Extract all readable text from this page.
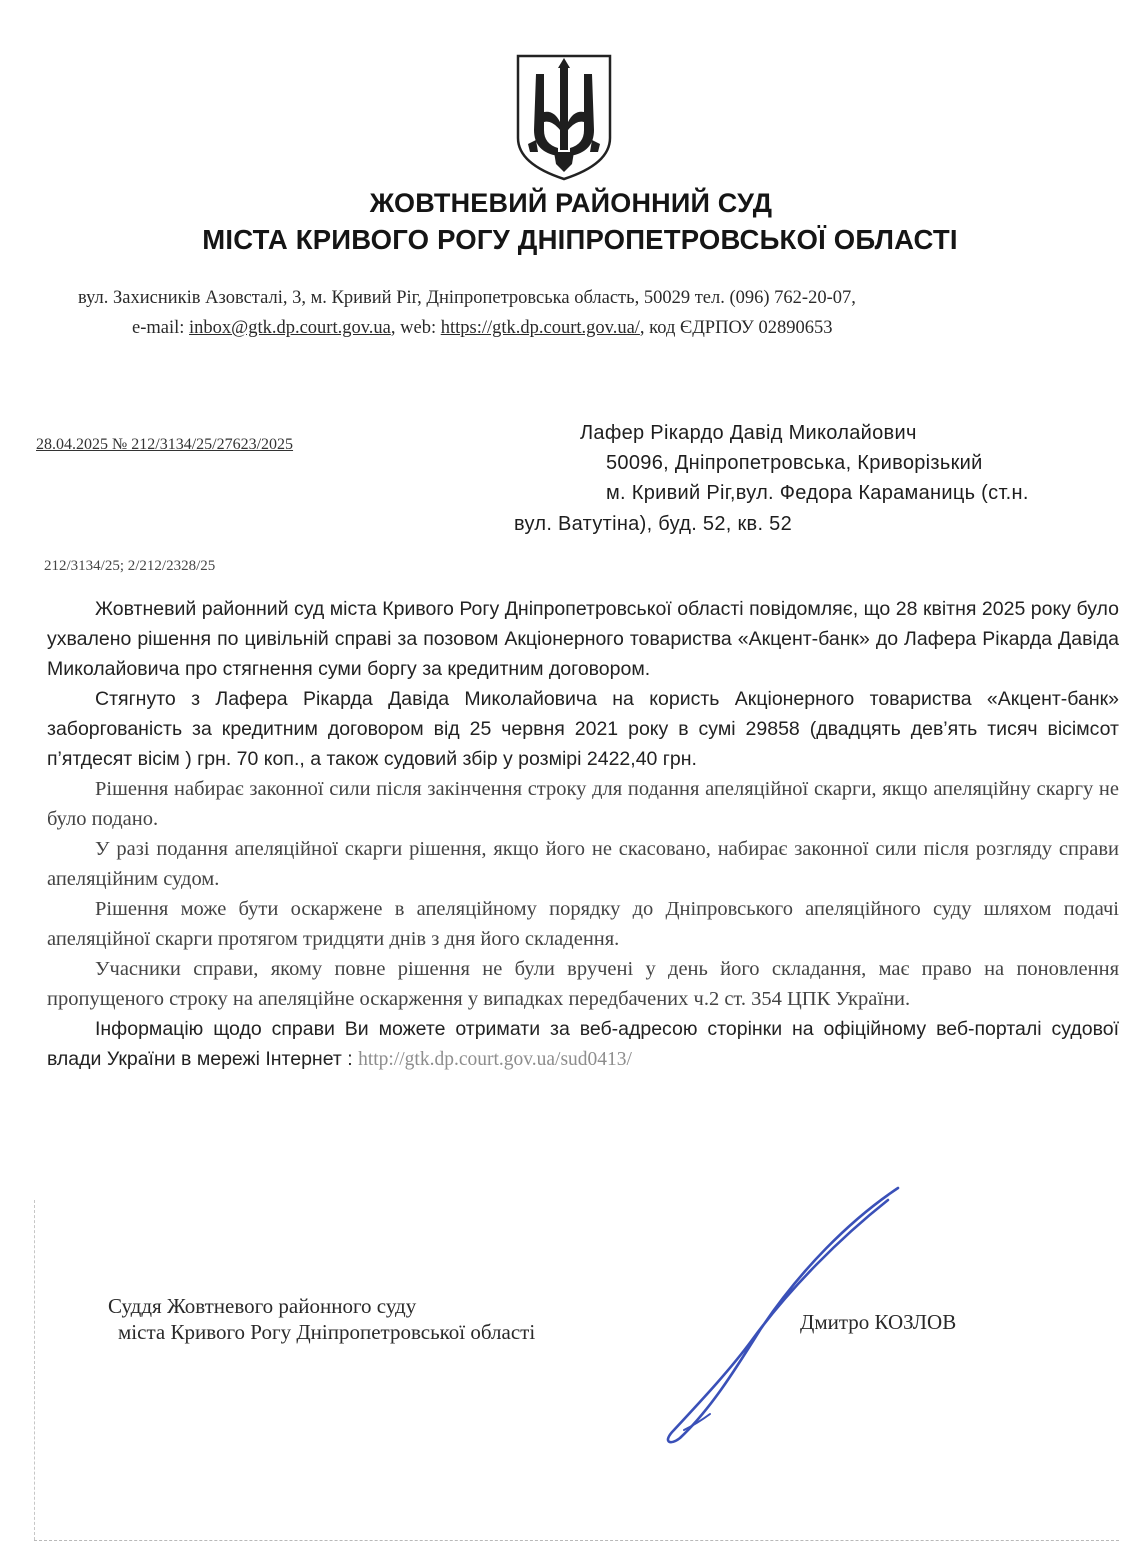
ЖОВТНЕВИЙ РАЙОННИЙ СУД
МІСТА КРИВОГО РОГУ ДНІПРОПЕТРОВСЬКОЇ ОБЛАСТІ
вул. Захисників Азовсталі, 3, м. Кривий Ріг, Дніпропетровська область, 50029 тел. (096) 762-20-07,
e-mail: inbox@gtk.dp.court.gov.ua, web: https://gtk.dp.court.gov.ua/, код ЄДРПОУ 02890653
28.04.2025 № 212/3134/25/27623/2025
Лафер Рікардо Давід Миколайович
50096, Дніпропетровська, Криворізький
м. Кривий Ріг,вул. Федора Караманиць (ст.н.
вул. Ватутіна), буд. 52, кв. 52
212/3134/25; 2/212/2328/25

Жовтневий районний суд міста Кривого Рогу Дніпропетровської області повідомляє, що 28 квітня 2025 року було ухвалено рішення по цивільній справі за позовом Акціонерного товариства «Акцент-банк» до Лафера Рікарда Давіда Миколайовича про стягнення суми боргу за кредитним договором.

Стягнуто з Лафера Рікарда Давіда Миколайовича на користь Акціонерного товариства «Акцент-банк» заборгованість за кредитним договором від 25 червня 2021 року в сумі 29858 (двадцять дев’ять тисяч вісімсот п’ятдесят вісім ) грн. 70 коп., а також судовий збір у розмірі 2422,40 грн.

Рішення набирає законної сили після закінчення строку для подання апеляційної скарги, якщо апеляційну скаргу не було подано.

У разі подання апеляційної скарги рішення, якщо його не скасовано, набирає законної сили після розгляду справи апеляційним судом.

Рішення може бути оскаржене в апеляційному порядку до Дніпровського апеляційного суду шляхом подачі апеляційної скарги протягом тридцяти днів з дня його складення.

Учасники справи, якому повне рішення не були вручені у день його складання, має право на поновлення пропущеного строку на апеляційне оскарження у випадках передбачених ч.2 ст. 354 ЦПК України.

Інформацію щодо справи Ви можете отримати за веб-адресою сторінки на офіційному веб-порталі судової влади України в мережі Інтернет : http://gtk.dp.court.gov.ua/sud0413/

Суддя Жовтневого районного суду
міста Кривого Рогу Дніпропетровської області	Дмитро КОЗЛОВ
